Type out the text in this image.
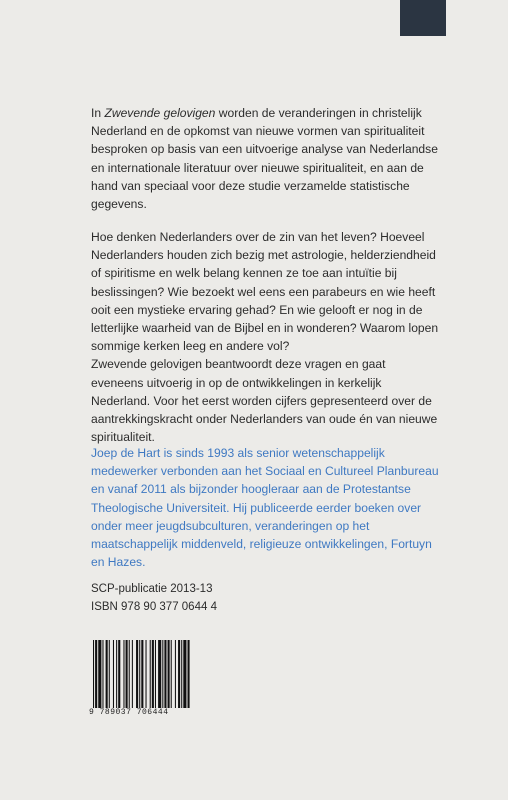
In Zwevende gelovigen worden de veranderingen in christelijk Nederland en de opkomst van nieuwe vormen van spiritualiteit besproken op basis van een uitvoerige analyse van Nederlandse en internationale literatuur over nieuwe spiritualiteit, en aan de hand van speciaal voor deze studie verzamelde statistische gegevens.

Hoe denken Nederlanders over de zin van het leven? Hoeveel Nederlanders houden zich bezig met astrologie, helderziendheid of spiritisme en welk belang kennen ze toe aan intuïtie bij beslissingen? Wie bezoekt wel eens een parabeurs en wie heeft ooit een mystieke ervaring gehad? En wie gelooft er nog in de letterlijke waarheid van de Bijbel en in wonderen? Waarom lopen sommige kerken leeg en andere vol?

Zwevende gelovigen beantwoordt deze vragen en gaat eveneens uitvoerig in op de ontwikkelingen in kerkelijk Nederland. Voor het eerst worden cijfers gepresenteerd over de aantrekkingskracht onder Nederlanders van oude én van nieuwe spiritualiteit.

Joep de Hart is sinds 1993 als senior wetenschappelijk medewerker verbonden aan het Sociaal en Cultureel Planbureau en vanaf 2011 als bijzonder hoogleraar aan de Protestantse Theologische Universiteit. Hij publiceerde eerder boeken over onder meer jeugdsubculturen, veranderingen op het maatschappelijk middenveld, religieuze ontwikkelingen, Fortuyn en Hazes.

SCP-publicatie 2013-13
ISBN 978 90 377 0644 4
9 789037 706444
